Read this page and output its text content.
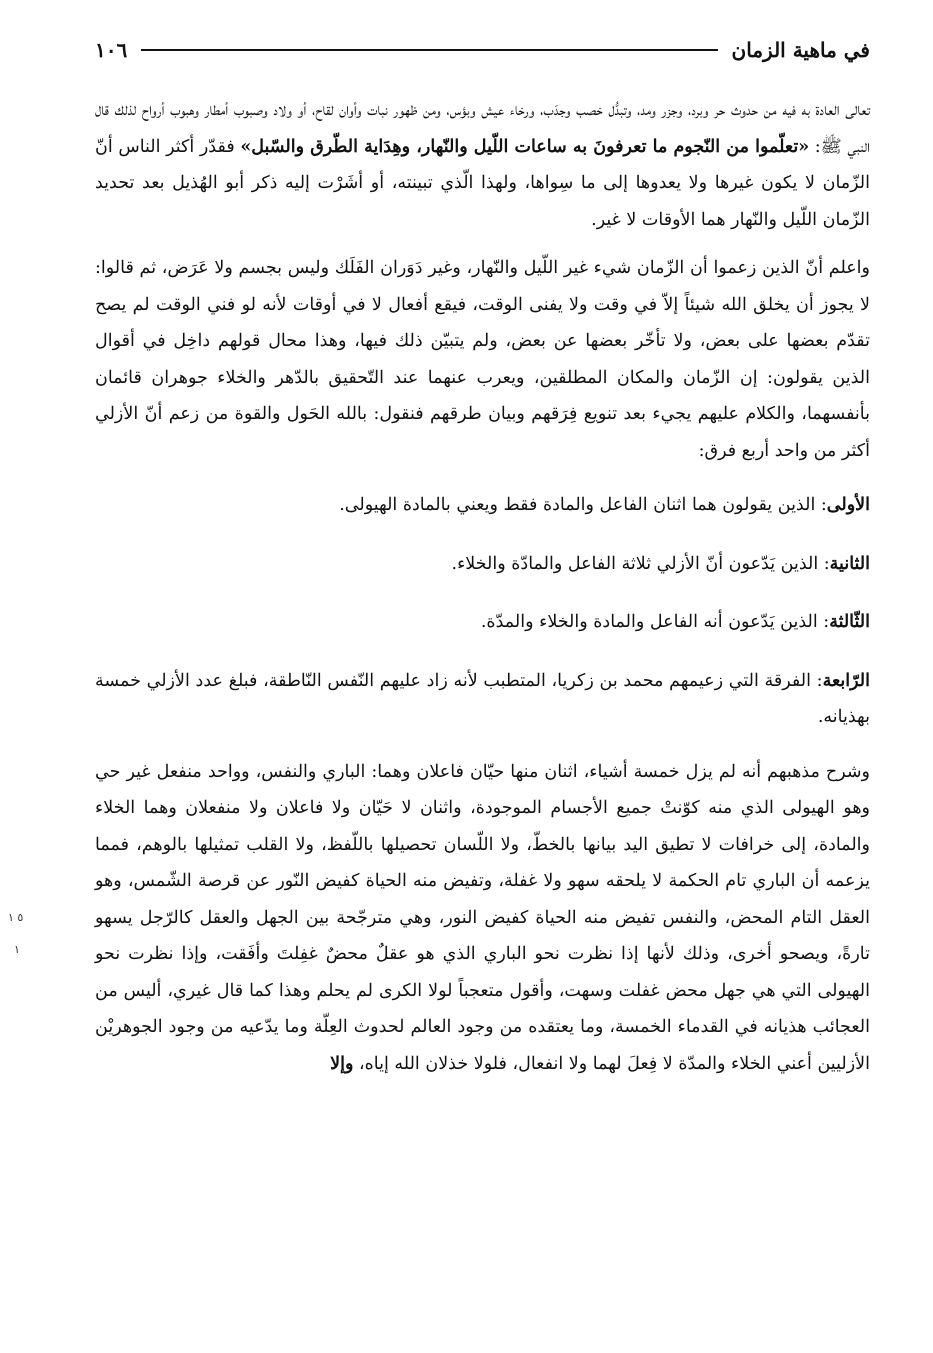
في ماهية الزمان
١٠٦

تعالى العادة به فيه من حدوث حر وبرد، وجزر ومد، وتبدُّل خصب وجدَب، ورخاء عيش وبؤس، ومن ظهور نبات وأوان لقاح، أو ولاد وصبوب أمطار وهبوب أرواح لذلك قال النبي ﷺ: «تعلّموا من النّجوم ما تعرفونَ به ساعات اللّيل والنّهار، وهِدَاية الطّرق والسّبل» فقدّر أكثر الناس أنّ الزّمان لا يكون غيرها ولا يعدوها إلى ما سِواها، ولهذا الّذي تبينته، أو أشَرْت إليه ذكر أبو الهُذيل بعد تحديد الزّمان اللّيل والنّهار هما الأوقات لا غير.

واعلم أنّ الذين زعموا أن الزّمان شيء غير اللّيل والنّهار، وغير دَوَران الفَلَك وليس بجسم ولا عَرَض، ثم قالوا: لا يجوز أن يخلق الله شيئاً إلاّ في وقت ولا يفنى الوقت، فيقع أفعال لا في أوقات لأنه لو فني الوقت لم يصح تقدّم بعضها على بعض، ولا تأخّر بعضها عن بعض، ولم يتبيّن ذلك فيها، وهذا محال قولهم داخِل في أقوال الذين يقولون: إن الزّمان والمكان المطلقين، ويعرب عنهما عند التّحقيق بالدّهر والخلاء جوهران قائمان بأنفسهما، والكلام عليهم يجيء بعد تنويع فِرَقهم وبيان طرقهم فنقول: بالله الحَول والقوة من زعم أنّ الأزلي أكثر من واحد أربع فرق:

الأولى: الذين يقولون هما اثنان الفاعل والمادة فقط ويعني بالمادة الهيولى.

الثانية: الذين يَدّعون أنّ الأزلي ثلاثة الفاعل والمادّة والخلاء.

الثّالثة: الذين يَدّعون أنه الفاعل والمادة والخلاء والمدّة.

الرّابعة: الفرقة التي زعيمهم محمد بن زكريا، المتطبب لأنه زاد عليهم النّفس النّاطقة، فبلغ عدد الأزلي خمسة بهذيانه.

وشرح مذهبهم أنه لم يزل خمسة أشياء، اثنان منها حيّان فاعلان وهما: الباري والنفس، وواحد منفعل غير حي وهو الهيولى الذي منه كوّنتْ جميع الأجسام الموجودة، واثنان لا حَيّان ولا فاعلان ولا منفعلان وهما الخلاء والمادة، إلى خرافات لا تطيق اليد بيانها بالخطّ، ولا اللّسان تحصيلها باللّفظ، ولا القلب تمثيلها بالوهم، فمما يزعمه أن الباري تام الحكمة لا يلحقه سهو ولا غفلة، وتفيض منه الحياة كفيض النّور عن قرصة الشّمس، وهو العقل التام المحض، والنفس تفيض منه الحياة كفيض النور، وهي مترجّحة بين الجهل والعقل كالرّجل يسهو تارةً، ويصحو أخرى، وذلك لأنها إذا نظرت نحو الباري الذي هو عقلٌ محضٌ غفِلتَ وأفَقت، وإذا نظرت نحو الهيولى التي هي جهل محض غفلت وسهت، وأقول متعجباً لولا الكرى لم يحلم وهذا كما قال غيري، أليس من العجائب هذيانه في القدماء الخمسة، وما يعتقده من وجود العالم لحدوث العِلّة وما يدّعيه من وجود الجوهريْن الأزليين أعني الخلاء والمدّة لا فِعلَ لهما ولا انفعال، فلولا خذلان الله إياه، وإلا

٥ ١
١
